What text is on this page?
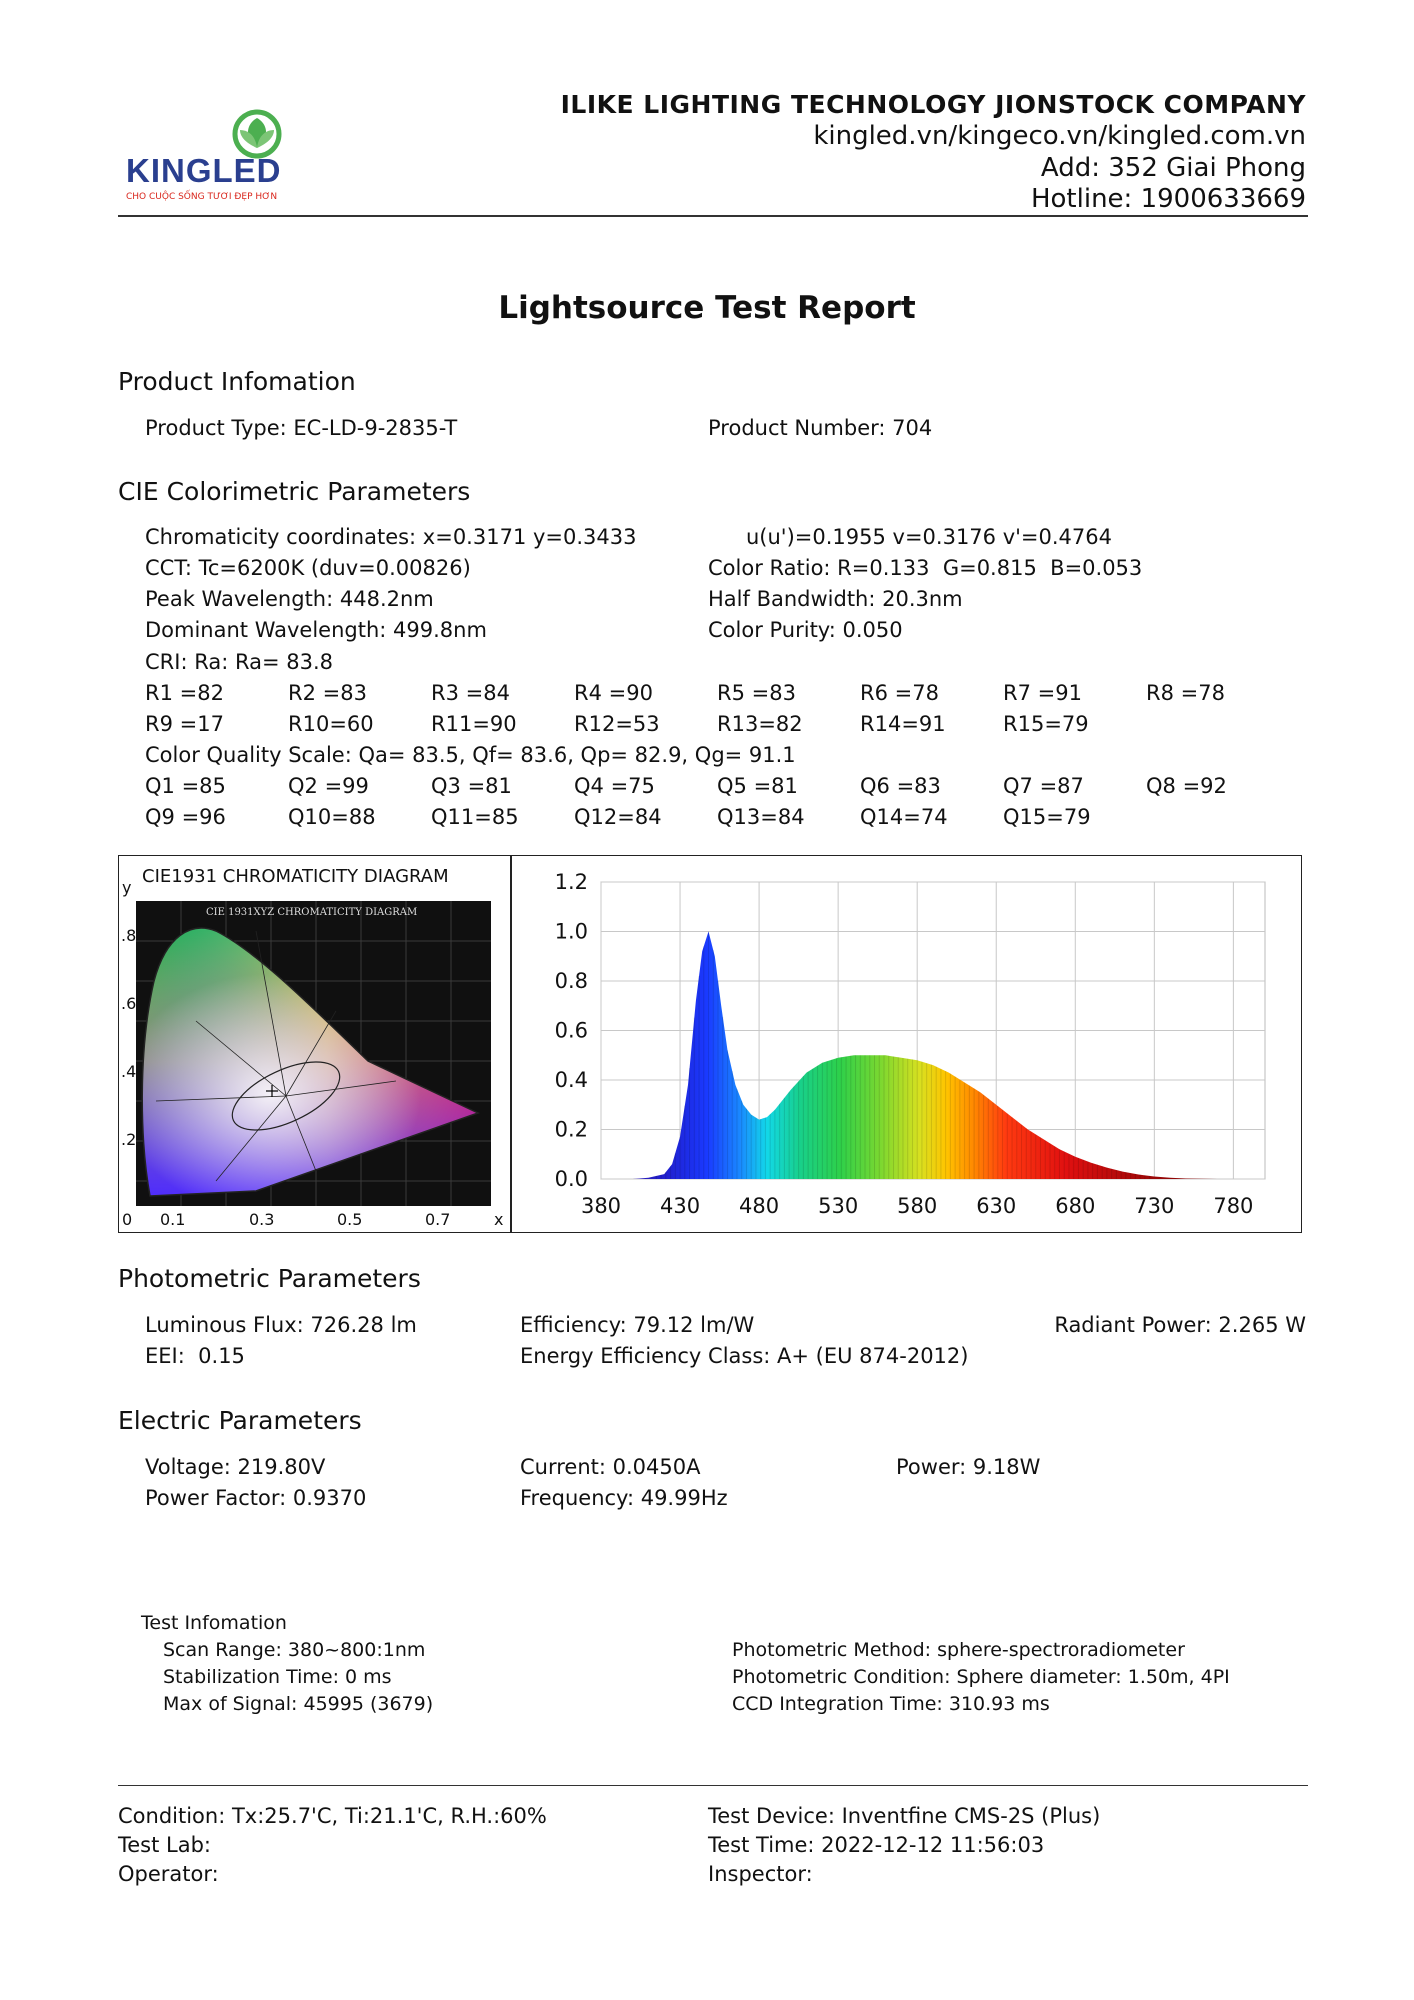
KINGLED
CHO CUỘC SỐNG TƯƠI ĐẸP HƠN
ILIKE LIGHTING TECHNOLOGY JIONSTOCK COMPANY
kingled.vn/kingeco.vn/kingled.com.vn
Add: 352 Giai Phong
Hotline: 1900633669
Lightsource Test Report
Product Infomation
Product Type: EC-LD-9-2835-T	Product Number: 704
CIE Colorimetric Parameters
Chromaticity coordinates: x=0.3171 y=0.3433	u(u')=0.1955 v=0.3176 v'=0.4764
CCT: Tc=6200K (duv=0.00826)	Color Ratio: R=0.133  G=0.815  B=0.053
Peak Wavelength: 448.2nm	Half Bandwidth: 20.3nm
Dominant Wavelength: 499.8nm	Color Purity: 0.050
CRI: Ra: Ra= 83.8
R1 =82	R2 =83	R3 =84	R4 =90	R5 =83	R6 =78	R7 =91	R8 =78
R9 =17	R10=60	R11=90	R12=53	R13=82	R14=91	R15=79
Color Quality Scale: Qa= 83.5, Qf= 83.6, Qp= 82.9, Qg= 91.1
Q1 =85	Q2 =99	Q3 =81	Q4 =75	Q5 =81	Q6 =83	Q7 =87	Q8 =92
Q9 =96	Q10=88	Q11=85	Q12=84	Q13=84	Q14=74	Q15=79
CIE1931 CHROMATICITY DIAGRAM
y
.8
.6
.4
.2
0 0.1	0.3	0.5	0.7	x
CIE 1931XYZ CHROMATICITY DIAGRAM
380 430 480 530 580 630 680 730 780
1.2
1.0
0.8
0.6
0.4
0.2
0.0
Photometric Parameters
Luminous Flux: 726.28 lm	Efficiency: 79.12 lm/W	Radiant Power: 2.265 W
EEI:  0.15	Energy Efficiency Class: A+ (EU 874-2012)
Electric Parameters
Voltage: 219.80V	Current: 0.0450A	Power: 9.18W
Power Factor: 0.9370	Frequency: 49.99Hz
Test Infomation
Scan Range: 380~800:1nm
Stabilization Time: 0 ms
Max of Signal: 45995 (3679)
Photometric Method: sphere-spectroradiometer
Photometric Condition: Sphere diameter: 1.50m, 4PI
CCD Integration Time: 310.93 ms
Condition: Tx:25.7'C, Ti:21.1'C, R.H.:60%	Test Device: Inventfine CMS-2S (Plus)
Test Lab:	Test Time: 2022-12-12 11:56:03
Operator:	Inspector:
